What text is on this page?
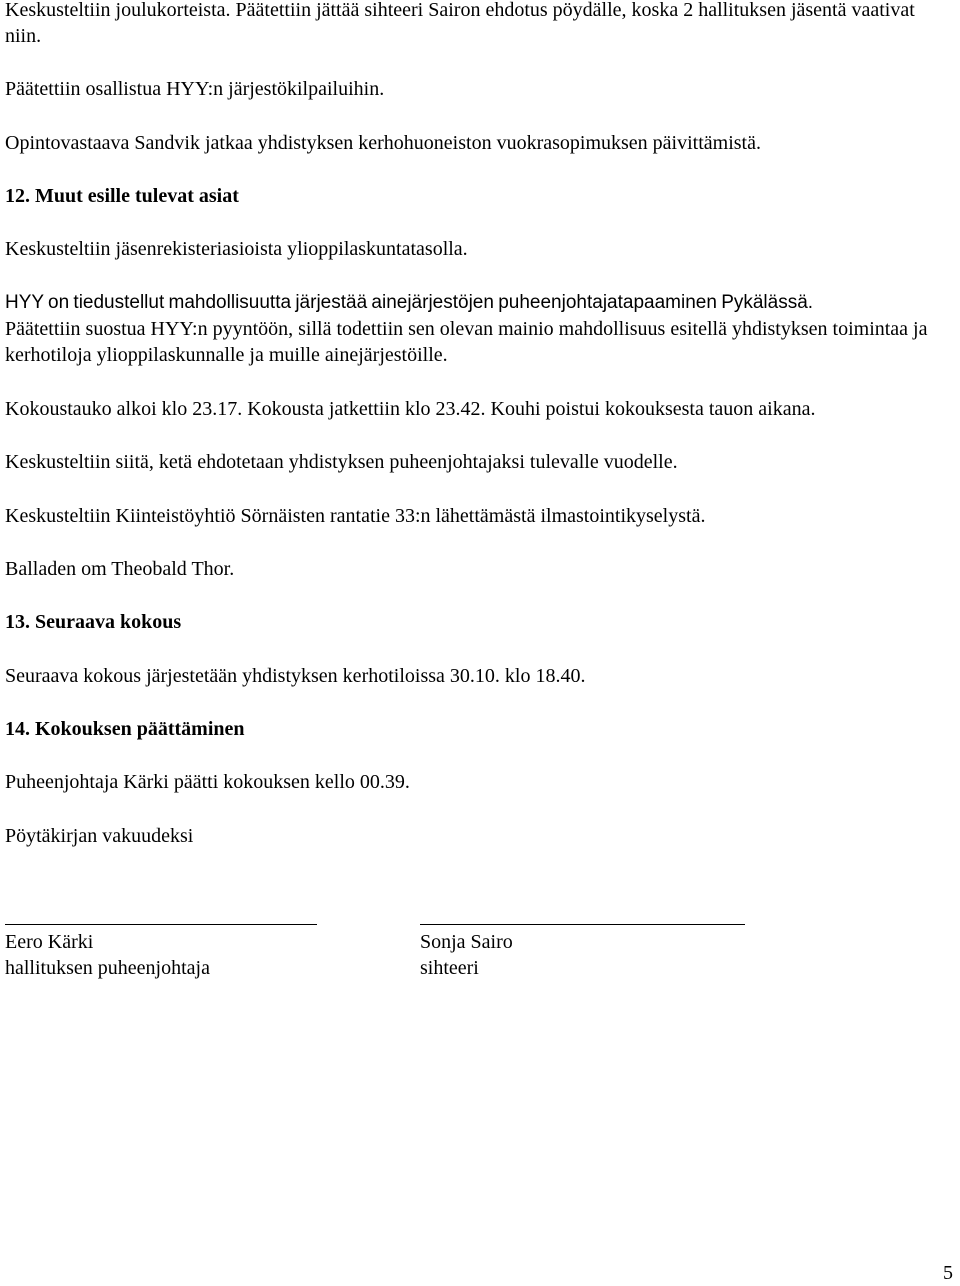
Keskusteltiin joulukorteista. Päätettiin jättää sihteeri Sairon ehdotus pöydälle, koska 2 hallituksen jäsentä vaativat niin.

Päätettiin osallistua HYY:n järjestökilpailuihin.

Opintovastaava Sandvik jatkaa yhdistyksen kerhohuoneiston vuokrasopimuksen päivittämistä.

12. Muut esille tulevat asiat

Keskusteltiin jäsenrekisteriasioista ylioppilaskuntatasolla.

HYY on tiedustellut mahdollisuutta järjestää ainejärjestöjen puheenjohtajatapaaminen Pykälässä.

Päätettiin suostua HYY:n pyyntöön, sillä todettiin sen olevan mainio mahdollisuus esitellä yhdistyksen toimintaa ja kerhotiloja ylioppilaskunnalle ja muille ainejärjestöille.

Kokoustauko alkoi klo 23.17. Kokousta jatkettiin klo 23.42. Kouhi poistui kokouksesta tauon aikana.

Keskusteltiin siitä, ketä ehdotetaan yhdistyksen puheenjohtajaksi tulevalle vuodelle.

Keskusteltiin Kiinteistöyhtiö Sörnäisten rantatie 33:n lähettämästä ilmastointikyselystä.

Balladen om Theobald Thor.

13. Seuraava kokous

Seuraava kokous järjestetään yhdistyksen kerhotiloissa 30.10. klo 18.40.

14. Kokouksen päättäminen

Puheenjohtaja Kärki päätti kokouksen kello 00.39.

Pöytäkirjan vakuudeksi

Eero Kärki

hallituksen puheenjohtaja

Sonja Sairo

sihteeri

5
